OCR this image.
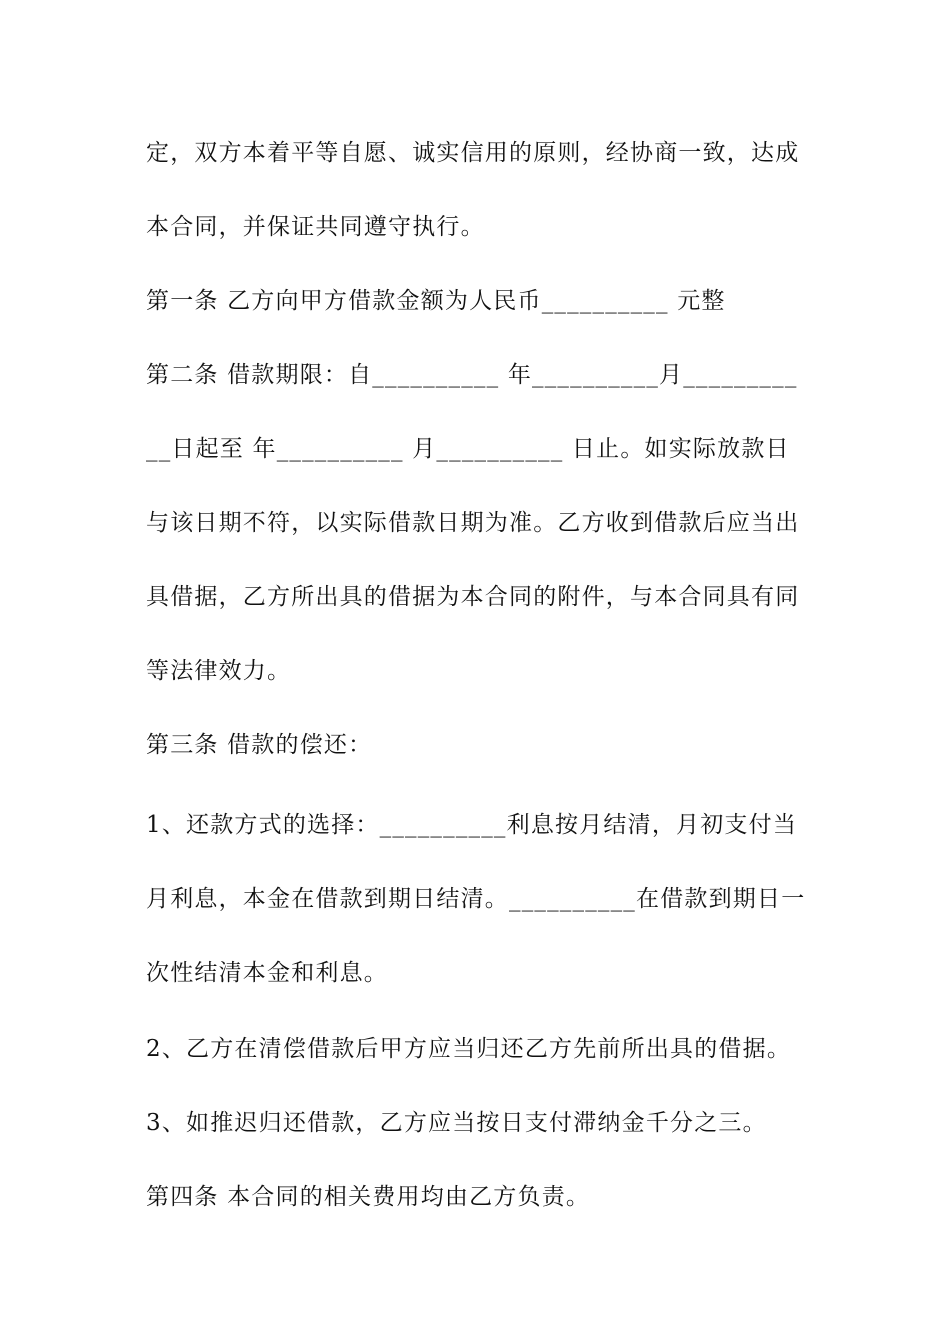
定，双方本着平等自愿、诚实信用的原则，经协商一致，达成
本合同，并保证共同遵守执行。
第一条 乙方向甲方借款金额为人民币__________ 元整
第二条 借款期限：自__________ 年__________月_________
__日起至 年__________ 月__________ 日止。如实际放款日
与该日期不符，以实际借款日期为准。乙方收到借款后应当出
具借据，乙方所出具的借据为本合同的附件，与本合同具有同
等法律效力。
第三条 借款的偿还：
1、还款方式的选择：__________利息按月结清，月初支付当
月利息，本金在借款到期日结清。__________在借款到期日一
次性结清本金和利息。
2、乙方在清偿借款后甲方应当归还乙方先前所出具的借据。
3、如推迟归还借款，乙方应当按日支付滞纳金千分之三。
第四条 本合同的相关费用均由乙方负责。
